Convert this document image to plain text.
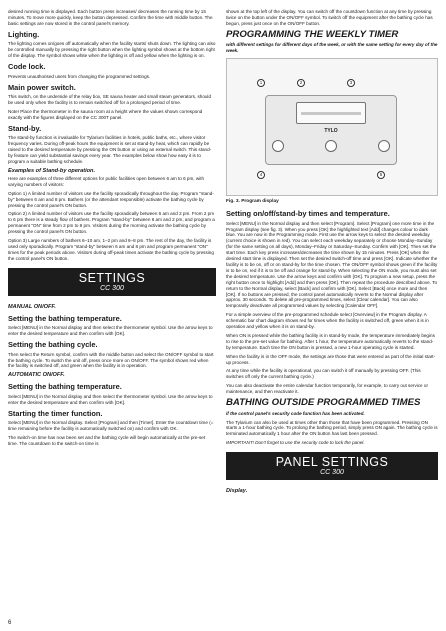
desired running time is displayed. Each button press increases/ decreases the running time by 15 minutes. To move more quickly, keep the button depressed. Confirm the time with middle button. The basic settings are now stored in the control panel's memory.

Lighting.

The lighting comes on/goes off automatically when the facility starts/ shuts down. The lighting can also be controlled manually by pressing the right button when the lighting symbol shows at the bottom right of the display. The symbol shows white when the lighting is off and yellow when the lighting is on.

Code lock.

Prevents unauthorised users from changing the programmed settings.

Main power switch.

This switch, on the underside of the relay box, SE sauna heater and small steam generators, should be used only when the facility is to remain switched off for a prolonged period of time.

Note! Place the thermometer in the sauna room at a height where the values shown correspond exactly with the figures displayed on the CC 300T panel.

Stand-by.

The stand-by function is invaluable for Tylarium facilities in hotels, public baths, etc., where visitor frequency varies. During off-peak hours the equipment is set at stand-by heat, which can rapidly be raised to the desired temperature by pressing the ON button or using an external switch. This stand-by feature can yield substantial savings every year. The examples below show how easy it is to program a suitable bathing schedule.

Examples of Stand-by operation.

Here are examples of three different options for public facilities open between 6 am to 6 pm, with varying numbers of visitors:

Option 1) A limited number of visitors use the facility sporadically throughout the day. Program "stand-by" between 6 am and 8 pm. Bathers (or the attendant responsible) activate the bathing cycle by pressing the control panel's ON button.

Option 2) A limited number of visitors use the facility sporadically between 6 am and 2 pm. From 2 pm to 6 pm there is a steady flow of bathers. Program "stand-by" between 6 am and 2 pm, and program a permanent "ON" time from 2 pm to 8 pm. Visitors during the morning activate the bathing cycle by pressing the control panel's ON button.

Option 3) Large numbers of bathers 6–10 am, 1–2 pm and 6–8 pm. The rest of the day, the facility is used only sporadically. Program "stand-by" between 6 am and 8 pm and program permanent "ON" times for the peak periods above. Visitors during off-peak times activate the bathing cycle by pressing the control panel's ON button.

SETTINGS
CC 300
MANUAL ON/OFF.
Setting the bathing temperature.

Select [MENU] in the Normal display and then select the thermometer symbol. Use the arrow keys to enter the desired temperature and then confirm with [OK].

Setting the bathing cycle.

Then select the Return symbol, confirm with the middle button and select the ON/OFF symbol to start the bathing cycle. To switch the unit off, press once more on ON/OFF. The symbol shows red when the facility is switched off, and green when the facility is in operation.

AUTOMATIC ON/OFF.
Setting the bathing temperature.

Select [MENU] in the Normal display and then select the thermometer symbol. Use the arrow keys to enter the desired temperature and then confirm with [OK].

Starting the timer function.

Select [MENU] in the Normal display. Select [Program] and then [Timer]. Enter the countdown time (= time remaining before the facility is automatically switched on) and confirm with OK.

The switch-on time has now been set and the bathing cycle will begin automatically at the pre-set time. The countdown to the switch-on time is

shown at the top left of the display. You can switch off the countdown function at any time by pressing twice on the button under the ON/OFF symbol. To switch off the equipment after the bathing cycle has begun, press just once on the ON/OFF button.

PROGRAMMING THE WEEKLY TIMER

with different settings for different days of the week, or with the same setting for every day of the week.

TYLO
1	2	3
4	5
Fig. 3. Program display
Setting on/off/stand-by times and temperature.

Select [MENU] in the Normal display and then select [Program]. Select [Program] one more time in the Program display (see fig. 3). When you press [OK] the highlighted text [Add] changes colour to dark blue. You are now in the Programming mode. First use the arrow keys to select the desired weekday (current choice is shown in red). You can select each weekday separately or choose Monday–Sunday (for the same setting on all days), Monday–Friday or Saturday–Sunday. Confirm with [OK]. Then set the start time. Each key press increases/decreases the time shown by 15 minutes. Press [OK] when the desired start time is displayed. Then set the desired switch-off time and press [OK]. Indicate whether the facility is to be on, off or on stand-by for the time chosen. The ON/OFF symbol shows green if the facility is to be on, red if it is to be off and orange for stand-by. When selecting the ON mode, you must also set the desired temperature. Use the arrow keys and confirm with [OK]. To program a new setup, press the right button once to highlight [Add] and then press [OK]. Then repeat the procedure described above. To return to the Normal display, select [Back] and confirm with [OK]. Select [Back] once more and then [OK]. If no buttons are pressed, the control panel automatically reverts to the Normal display after approx. 30 seconds. To delete all pre-programmed times, select [Clear calendar]. You can also temporarily deactivate all programmed values by selecting [Calendar OFF].

For a simple overview of the pre-programmed schedule select [Overview] in the Program display. A schematic bar chart diagram shows red for times when the facility is switched off, green when it is in operation and yellow when it is on stand-by.

When ON is pressed while the bathing facility is in stand-by mode, the temperature immediately begins to rise to the pre-set value for bathing. After 1 hour, the temperature automatically reverts to the stand-by temperature. Each time the ON button is pressed, a new 1-hour operating cycle is started.

When the facility is in the OFF mode, the settings are those that were entered as part of the initial start-up process.

At any time while the facility is operational, you can switch it off manually by pressing OFF. (This switches off only the current bathing cycle.)

You can also deactivate the entire calendar function temporarily, for example, to carry out service or maintenance, and then reactivate it.

BATHING OUTSIDE PROGRAMMED TIMES

if the control panel's security code function has been activated.

The Tylarium can also be used at times other than those that have been programmed. Pressing ON starts a 1-hour bathing cycle. To prolong the bathing period, simply press ON again. The bathing cycle is terminated automatically 1 hour after the ON button has last been pressed.

IMPORTANT! Don't forget to use the security code to lock the panel.

PANEL SETTINGS
CC 300
Display.
6
